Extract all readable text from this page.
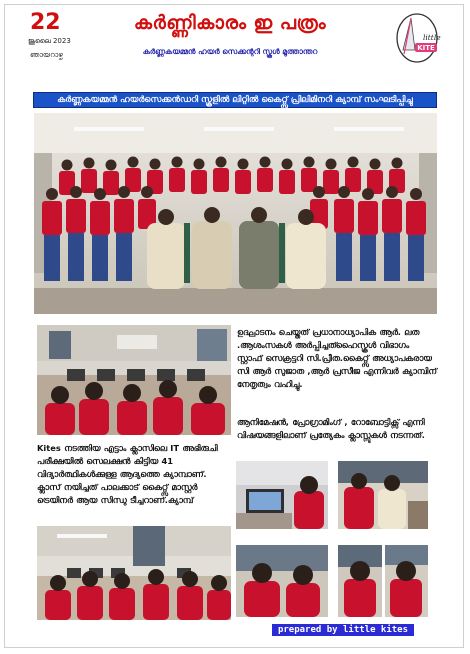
22
ജൂലൈ 2023
ഞായറാഴ്ച
കർണ്ണികാരം ഇ പത്രം
കർണ്ണകയമ്മൻ ഹയർ സെക്കന്ററി സ്കൂൾ മൂത്താന്തറ
little
KITE
കർണ്ണകയമ്മൻ ഹയർസെക്കൻഡറി സ്കൂളിൽ ലിറ്റിൽ കൈറ്റ്സ് പ്രിലിമിനറി ക്യാമ്പ് സംഘടിപ്പിച്ചു
ഉദ്ഘാടനം ചെയ്തത് പ്രധാനാധ്യാപിക ആർ. ലത .ആശംസകൾ അർപ്പിച്ചത്ഹൈസ്കൂൾ വിഭാഗം സ്റ്റാഫ് സെക്രട്ടറി സി.പ്രീത.കൈറ്റ്സ് അധ്യാപകരായ സി ആർ സുജാത ,ആർ പ്രസീജ എന്നിവർ ക്യാമ്പിന് നേതൃത്വം വഹിച്ചു.
ആനിമേഷൻ, പ്രോഗ്രാമിംഗ് , റോബോട്ടിക്സ് എന്നി വിഷയങ്ങളിലാണ് പ്രത്യേകം ക്ലാസ്സുകൾ നടന്നത്.
Kites നടത്തിയ എട്ടാം ക്ലാസിലെ IT അഭിരുചി പരീക്ഷയിൽ സെലക്ഷൻ കിട്ടിയ 41 വിദ്യാർത്ഥികൾക്കുള്ള ആദ്യത്തെ ക്യാമ്പാണ്. ക്ലാസ് നയിച്ചത് പാലക്കാട് കൈറ്റ്സ് മാസ്റ്റർ ട്രെയിനർ ആയ സിന്ധു ടീച്ചറാണ്.ക്യാമ്പ്
prepared by little kites
